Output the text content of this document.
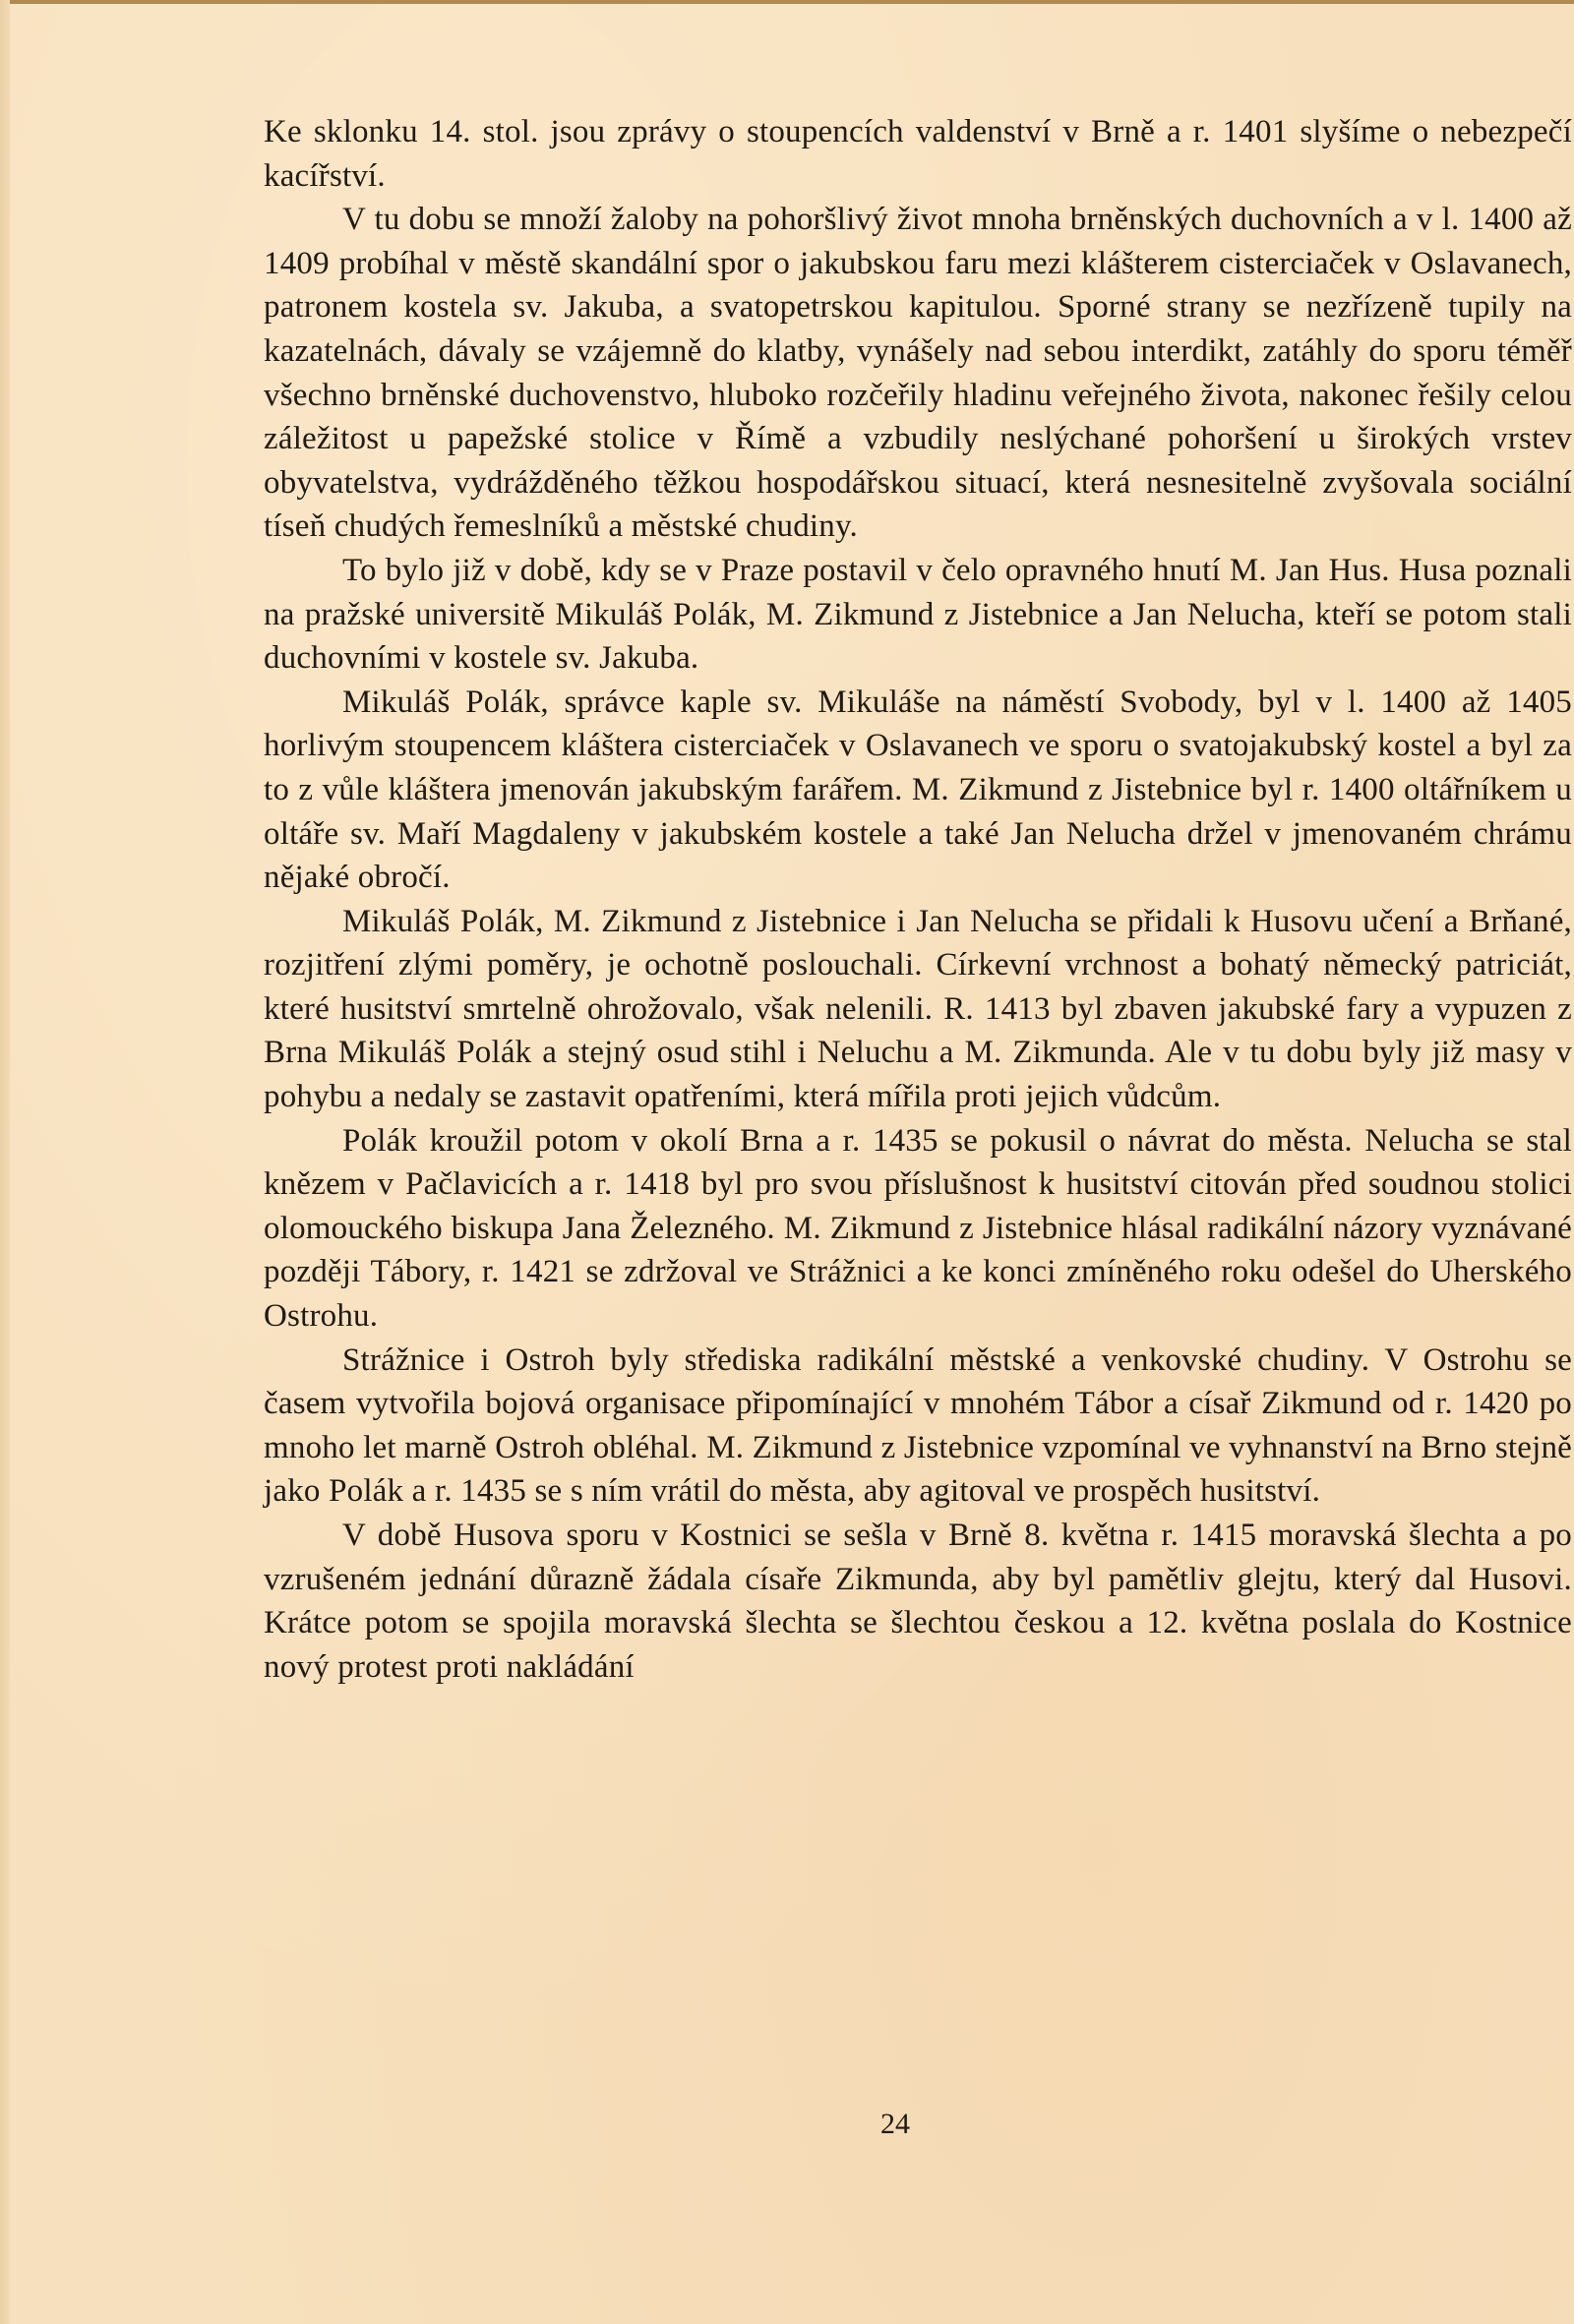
Ke sklonku 14. stol. jsou zprávy o stoupencích valdenství v Brně a r. 1401 slyšíme o nebezpečí kacířství.

V tu dobu se množí žaloby na pohoršlivý život mnoha brněnských duchovních a v l. 1400 až 1409 probíhal v městě skandální spor o jakubskou faru mezi klášterem cisterciaček v Oslavanech, patronem kostela sv. Jakuba, a svatopetrskou kapitulou. Sporné strany se nezřízeně tupily na kazatelnách, dávaly se vzájemně do klatby, vynášely nad sebou interdikt, zatáhly do sporu téměř všechno brněnské duchovenstvo, hluboko rozčeřily hladinu veřejného života, nakonec řešily celou záležitost u papežské stolice v Římě a vzbudily neslýchané pohoršení u širokých vrstev obyvatelstva, vydrážděného těžkou hospodářskou situací, která nesnesitelně zvyšovala sociální tíseň chudých řemeslníků a městské chudiny.

To bylo již v době, kdy se v Praze postavil v čelo opravného hnutí M. Jan Hus. Husa poznali na pražské universitě Mikuláš Polák, M. Zikmund z Jistebnice a Jan Nelucha, kteří se potom stali duchovními v kostele sv. Jakuba.

Mikuláš Polák, správce kaple sv. Mikuláše na náměstí Svobody, byl v l. 1400 až 1405 horlivým stoupencem kláštera cisterciaček v Oslavanech ve sporu o svatojakubský kostel a byl za to z vůle kláštera jmenován jakubským farářem. M. Zikmund z Jistebnice byl r. 1400 oltářníkem u oltáře sv. Maří Magdaleny v jakubském kostele a také Jan Nelucha držel v jmenovaném chrámu nějaké obročí.

Mikuláš Polák, M. Zikmund z Jistebnice i Jan Nelucha se přidali k Husovu učení a Brňané, rozjitření zlými poměry, je ochotně poslouchali. Církevní vrchnost a bohatý německý patriciát, které husitství smrtelně ohrožovalo, však nelenili. R. 1413 byl zbaven jakubské fary a vypuzen z Brna Mikuláš Polák a stejný osud stihl i Neluchu a M. Zikmunda. Ale v tu dobu byly již masy v pohybu a nedaly se zastavit opatřeními, která mířila proti jejich vůdcům.

Polák kroužil potom v okolí Brna a r. 1435 se pokusil o návrat do města. Nelucha se stal knězem v Pačlavicích a r. 1418 byl pro svou příslušnost k husitství citován před soudnou stolici olomouckého biskupa Jana Železného. M. Zikmund z Jistebnice hlásal radikální názory vyznávané později Tábory, r. 1421 se zdržoval ve Strážnici a ke konci zmíněného roku odešel do Uherského Ostrohu.

Strážnice i Ostroh byly střediska radikální městské a venkovské chudiny. V Ostrohu se časem vytvořila bojová organisace připomínající v mnohém Tábor a císař Zikmund od r. 1420 po mnoho let marně Ostroh obléhal. M. Zikmund z Jistebnice vzpomínal ve vyhnanství na Brno stejně jako Polák a r. 1435 se s ním vrátil do města, aby agitoval ve prospěch husitství.

V době Husova sporu v Kostnici se sešla v Brně 8. května r. 1415 moravská šlechta a po vzrušeném jednání důrazně žádala císaře Zikmunda, aby byl pamětliv glejtu, který dal Husovi. Krátce potom se spojila moravská šlechta se šlechtou českou a 12. května poslala do Kostnice nový protest proti nakládání

24
